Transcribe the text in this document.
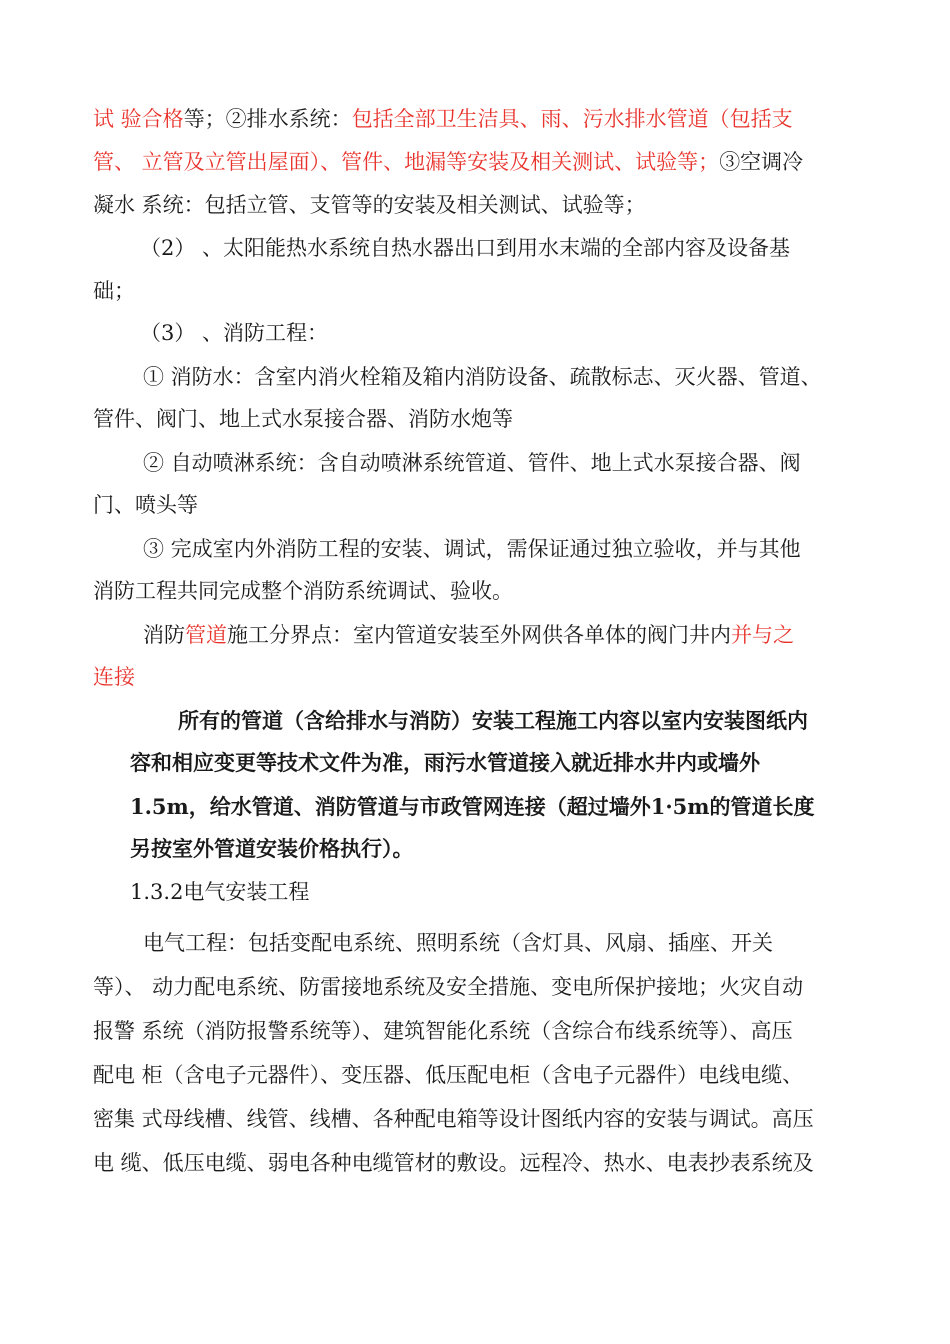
试 验合格等；②排水系统：包括全部卫生洁具、雨、污水排水管道（包括支
管、 立管及立管出屋面）、管件、地漏等安装及相关测试、试验等；③空调冷
凝水 系统：包括立管、支管等的安装及相关测试、试验等；
（2） 、太阳能热水系统自热水器出口到用水末端的全部内容及设备基
础；
（3） 、消防工程：
① 消防水：含室内消火栓箱及箱内消防设备、疏散标志、灭火器、管道、
管件、阀门、地上式水泵接合器、消防水炮等
② 自动喷淋系统：含自动喷淋系统管道、管件、地上式水泵接合器、阀
门、喷头等
③ 完成室内外消防工程的安装、调试，需保证通过独立验收，并与其他
消防工程共同完成整个消防系统调试、验收。
消防管道施工分界点：室内管道安装至外网供各单体的阀门井内并与之
连接
所有的管道（含给排水与消防）安装工程施工内容以室内安装图纸内
容和相应变更等技术文件为准，雨污水管道接入就近排水井内或墙外
1.5m，给水管道、消防管道与市政管网连接（超过墙外1·5m的管道长度
另按室外管道安装价格执行）。
1.3.2电气安装工程
电气工程：包括变配电系统、照明系统（含灯具、风扇、插座、开关
等）、 动力配电系统、防雷接地系统及安全措施、变电所保护接地；火灾自动
报警 系统（消防报警系统等）、建筑智能化系统（含综合布线系统等）、高压
配电 柜（含电子元器件）、变压器、低压配电柜（含电子元器件）电线电缆、
密集 式母线槽、线管、线槽、各种配电箱等设计图纸内容的安装与调试。高压
电 缆、低压电缆、弱电各种电缆管材的敷设。远程冷、热水、电表抄表系统及
